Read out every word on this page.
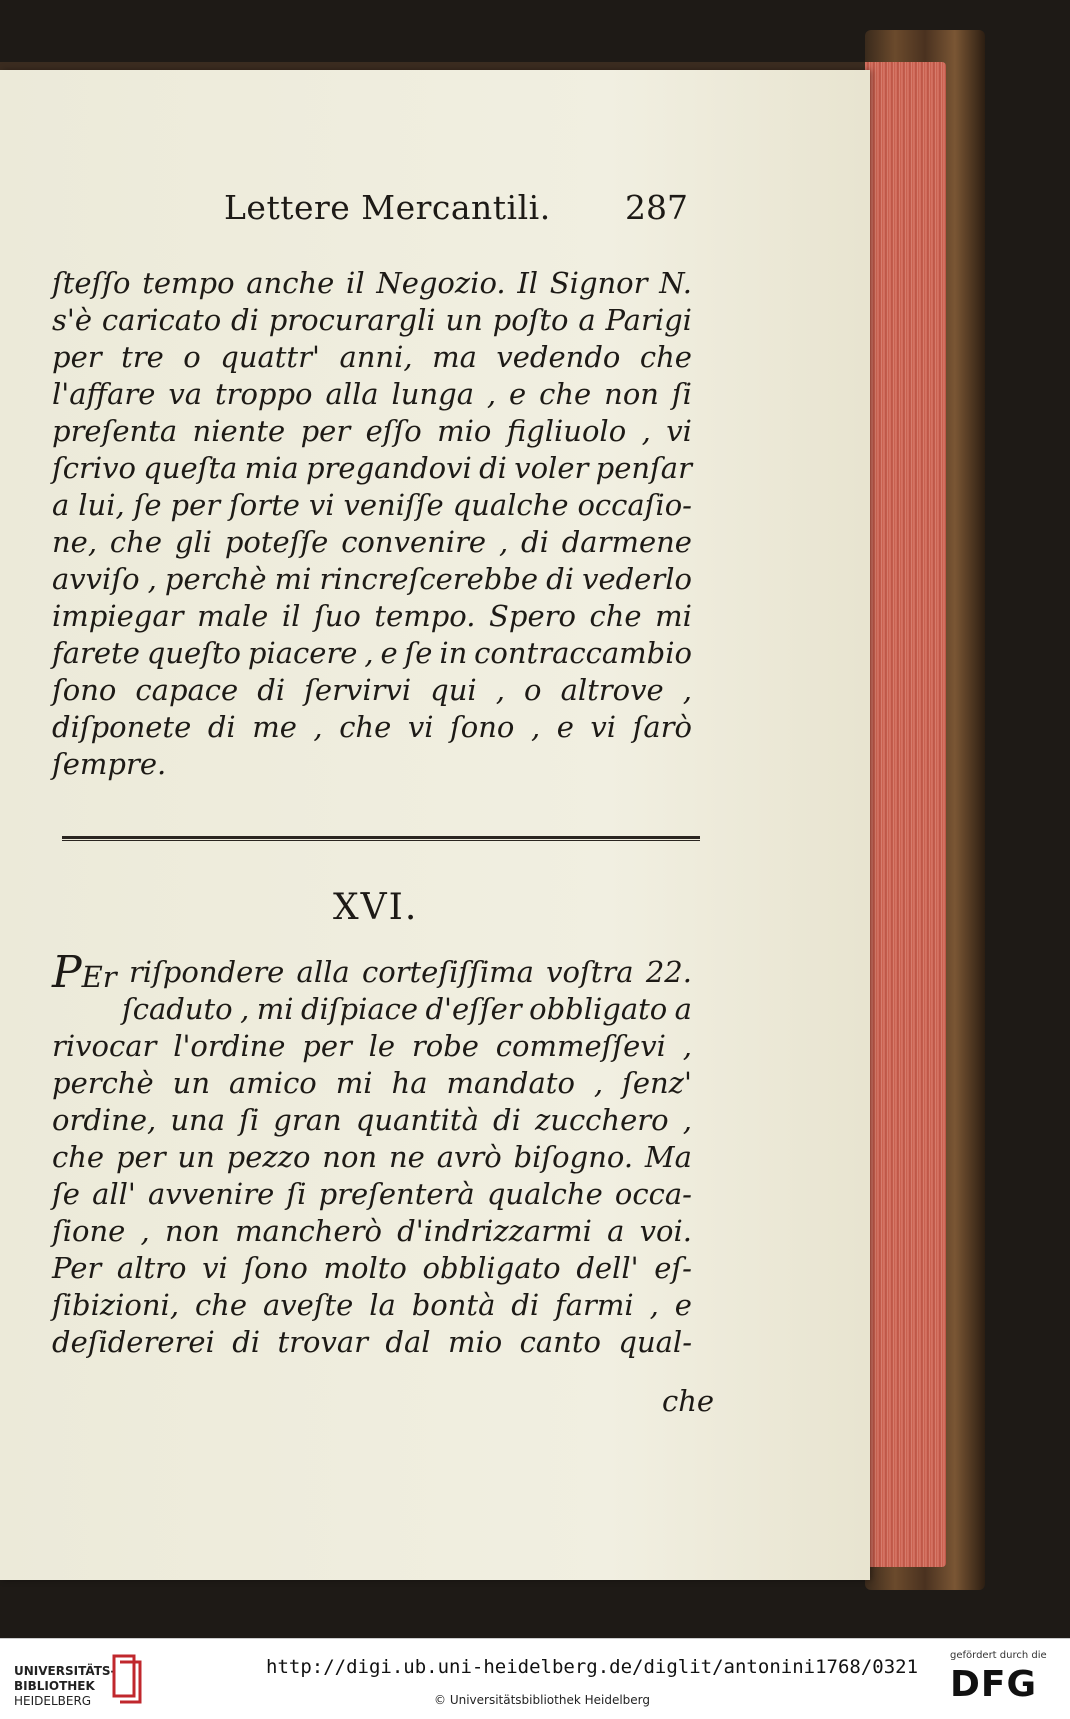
Lettere Mercantili. 287
ſteſſo tempo anche il Negozio. Il Signor N.
s'è caricato di procurargli un poſto a Parigi
per tre o quattr' anni, ma vedendo che
l'affare va troppo alla lunga , e che non ſi
preſenta niente per eſſo mio figliuolo , vi
ſcrivo queſta mia pregandovi di voler penſar
a lui, ſe per ſorte vi veniſſe qualche occaſio-
ne, che gli poteſſe convenire , di darmene
avviſo , perchè mi rincreſcerebbe di vederlo
impiegar male il ſuo tempo. Spero che mi
farete queſto piacere , e ſe in contraccambio
ſono capace di ſervirvi qui , o altrove ,
diſponete di me , che vi ſono , e vi ſarò
ſempre.
XVI.
PEr riſpondere alla corteſiſſima voſtra 22.
ſcaduto , mi diſpiace d'eſſer obbligato a
rivocar l'ordine per le robe commeſſevi ,
perchè un amico mi ha mandato , ſenz'
ordine, una ſi gran quantità di zucchero ,
che per un pezzo non ne avrò biſogno. Ma
ſe all' avvenire ſi preſenterà qualche occa-
ſione , non mancherò d'indrizzarmi a voi.
Per altro vi ſono molto obbligato dell' eſ-
ſibizioni, che aveſte la bontà di farmi , e
deſidererei di trovar dal mio canto qual-
che
UNIVERSITÄTS-
BIBLIOTHEK
HEIDELBERG
http://digi.ub.uni-heidelberg.de/diglit/antonini1768/0321
© Universitätsbibliothek Heidelberg
gefördert durch die
DFG
